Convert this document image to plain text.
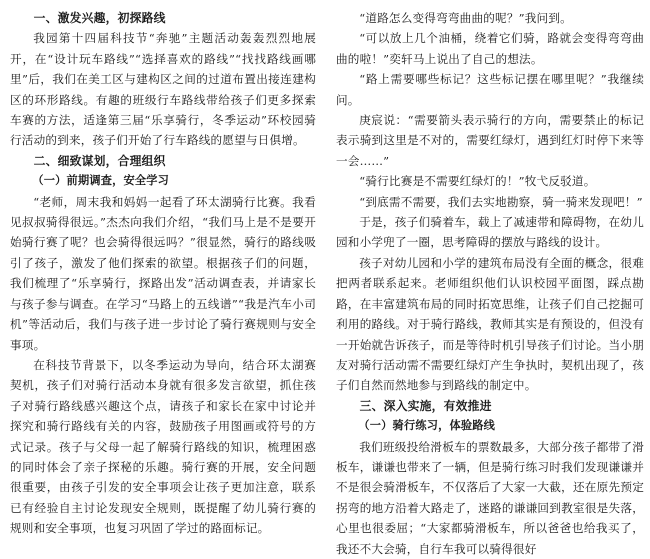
一、激发兴趣，初探路线

我园第十四届科技节“奔驰”主题活动轰轰烈烈地展开，在“设计玩车路线”“选择喜欢的路线”“找找路线画哪里”后，我们在美工区与建构区之间的过道布置出接连建构区的环形路线。有趣的班级行车路线带给孩子们更多探索车赛的方法，适逢第三届“乐享骑行，冬季运动”环校园骑行活动的到来，孩子们开始了行车路线的愿望与日俱增。

二、细致谋划，合理组织
（一）前期调查，安全学习

“老师，周末我和妈妈一起看了环太湖骑行比赛。我看见叔叔骑得很远。”杰杰向我们介绍，“我们马上是不是要开始骑行赛了呢？也会骑得很远吗？”很显然，骑行的路线吸引了孩子，激发了他们探索的欲望。根据孩子们的问题，我们梳理了“乐享骑行，探路出发”活动调查表，并请家长与孩子参与调查。在学习“马路上的五线谱”“我是汽车小司机”等活动后，我们与孩子进一步讨论了骑行赛规则与安全事项。

在科技节背景下，以冬季运动为导向，结合环太湖赛契机，孩子们对骑行活动本身就有很多发言欲望，抓住孩子对骑行路线感兴趣这个点，请孩子和家长在家中讨论并探究和骑行路线有关的内容，鼓励孩子用图画或符号的方式记录。孩子与父母一起了解骑行路线的知识，梳理困惑的同时体会了亲子探秘的乐趣。骑行赛的开展，安全问题很重要，由孩子引发的安全事项会让孩子更加注意，联系已有经验自主讨论发现安全规则，既提醒了幼儿骑行赛的规则和安全事项，也复习巩固了学过的路面标记。

“道路怎么变得弯弯曲曲的呢？”我问到。

“可以放上几个油桶，绕着它们骑，路就会变得弯弯曲曲的啦！”奕轩马上说出了自己的想法。

“路上需要哪些标记？这些标记摆在哪里呢？”我继续问。

庚宸说：“需要箭头表示骑行的方向，需要禁止的标记表示骑到这里是不对的，需要红绿灯，遇到红灯时停下来等一会……”

“骑行比赛是不需要红绿灯的！”牧弋反驳道。

“到底需不需要，我们去实地勘察，骑一骑来发现吧！”

于是，孩子们骑着车，载上了减速带和障碍物，在幼儿园和小学兜了一圈，思考障碍的摆放与路线的设计。

孩子对幼儿园和小学的建筑布局没有全面的概念，很难把两者联系起来。老师组织他们认识校园平面图，踩点勘路，在丰富建筑布局的同时拓宽思维，让孩子们自己挖掘可利用的路线。对于骑行路线，教师其实是有预设的，但没有一开始就告诉孩子，而是等待时机引导孩子们讨论。当小朋友对骑行活动需不需要红绿灯产生争执时，契机出现了，孩子们自然而然地参与到路线的制定中。

三、深入实施，有效推进
（一）骑行练习，体验路线

我们班级投给滑板车的票数最多，大部分孩子都带了滑板车，谦谦也带来了一辆，但是骑行练习时我们发现谦谦并不是很会骑滑板车，不仅落后了大家一大截，还在原先预定拐弯的地方沿着大路走了，迷路的谦谦回到教室很是失落，心里也很委屈；“大家都骑滑板车，所以爸爸也给我买了，我还不大会骑，自行车我可以骑得很好
